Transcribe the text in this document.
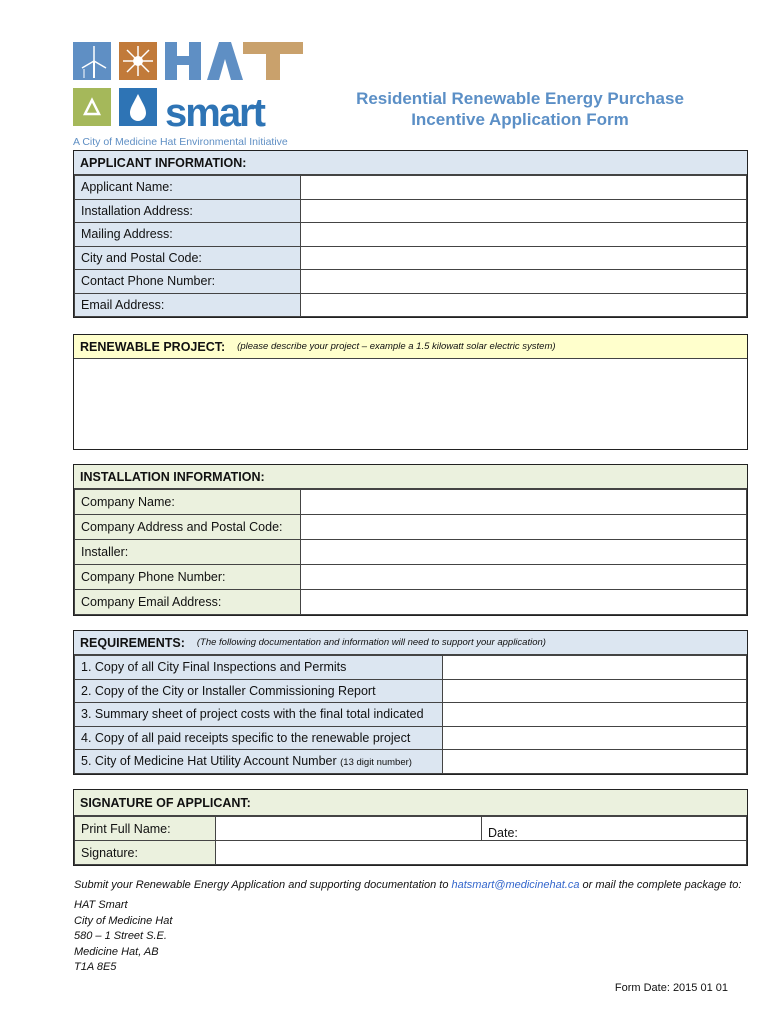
smart
A City of Medicine Hat Environmental Initiative
Residential Renewable Energy Purchase
Incentive Application Form
APPLICANT INFORMATION:
Applicant Name:	
Installation Address:	
Mailing Address:	
City and Postal Code:	
Contact Phone Number:	
Email Address:	
RENEWABLE PROJECT: (please describe your project – example a 1.5 kilowatt solar electric system)
INSTALLATION INFORMATION:
Company Name:	
Company Address and Postal Code:	
Installer:	
Company Phone Number:	
Company Email Address:	
REQUIREMENTS: (The following documentation and information will need to support your application)
1. Copy of all City Final Inspections and Permits	
2. Copy of the City or Installer Commissioning Report	
3. Summary sheet of project costs with the final total indicated	
4. Copy of all paid receipts specific to the renewable project	
5. City of Medicine Hat Utility Account Number (13 digit number)	
SIGNATURE OF APPLICANT:
Print Full Name:		Date:
Signature:		
Submit your Renewable Energy Application and supporting documentation to hatsmart@medicinehat.ca or mail the complete package to:
HAT Smart
City of Medicine Hat
580 – 1 Street S.E.
Medicine Hat, AB
T1A 8E5
Form Date: 2015 01 01
